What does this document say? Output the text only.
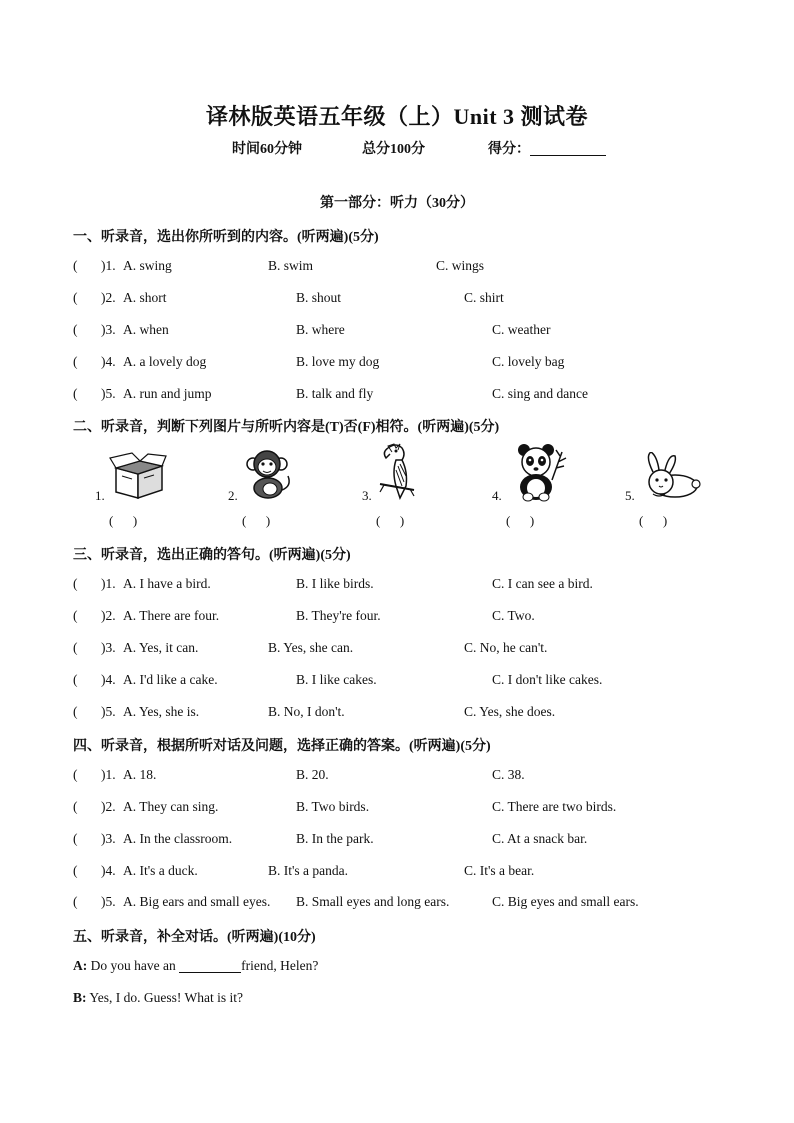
译林版英语五年级（上）Unit 3 测试卷
时间60分钟	总分100分	得分：
第一部分：听力（30分）
一、听录音，选出你所听到的内容。(听两遍)(5分)
( )1. A. swing	B. swim	C. wings
( )2. A. short	B. shout	C. shirt
( )3. A. when	B. where	C. weather
( )4. A. a lovely dog	B. love my dog	C. lovely bag
( )5. A. run and jump	B. talk and fly	C. sing and dance
二、听录音，判断下列图片与所听内容是(T)否(F)相符。(听两遍)(5分)
1.
(      )
2.
(      )
3.
(      )
4.
(      )
5.
(      )
三、听录音，选出正确的答句。(听两遍)(5分)
( )1. A. I have a bird.	B. I like birds.	C. I can see a bird.
( )2. A. There are four.	B. They're four.	C. Two.
( )3. A. Yes, it can.	B. Yes, she can.	C. No, he can't.
( )4. A. I'd like a cake.	B. I like cakes.	C. I don't like cakes.
( )5. A. Yes, she is.	B. No, I don't.	C. Yes, she does.
四、听录音，根据所听对话及问题，选择正确的答案。(听两遍)(5分)
( )1. A. 18.	B. 20.	C. 38.
( )2. A. They can sing.	B. Two birds.	C. There are two birds.
( )3. A. In the classroom.	B. In the park.	C. At a snack bar.
( )4. A. It's a duck.	B. It's a panda.	C. It's a bear.
( )5. A. Big ears and small eyes. B. Small eyes and long ears.	C. Big eyes and small ears.
五、听录音，补全对话。(听两遍)(10分)
A: Do you have an	friend, Helen?
B: Yes, I do. Guess! What is it?
